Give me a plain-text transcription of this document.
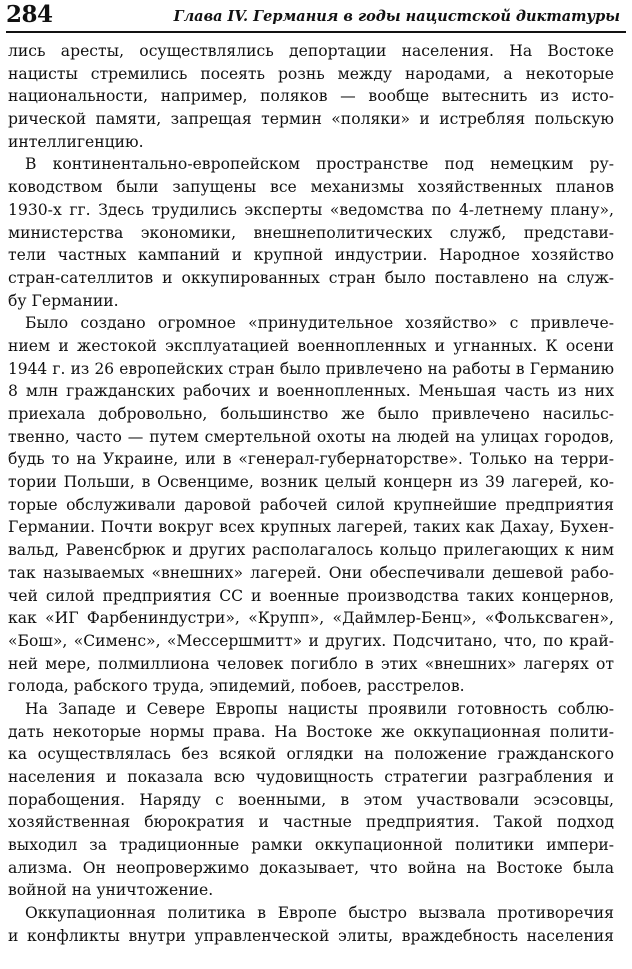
284	Глава IV. Германия в годы нацистской диктатуры
лись аресты, осуществлялись депортации населения. На Востоке
нацисты стремились посеять рознь между народами, а некоторые
национальности, например, поляков — вообще вытеснить из исто-
рической памяти, запрещая термин «поляки» и истребляя польскую
интеллигенцию.
В континентально-европейском пространстве под немецким ру-
ководством были запущены все механизмы хозяйственных планов
1930-х гг. Здесь трудились эксперты «ведомства по 4-летнему плану»,
министерства экономики, внешнеполитических служб, представи-
тели частных кампаний и крупной индустрии. Народное хозяйство
стран-сателлитов и оккупированных стран было поставлено на служ-
бу Германии.
Было создано огромное «принудительное хозяйство» с привлече-
нием и жестокой эксплуатацией военнопленных и угнанных. К осени
1944 г. из 26 европейских стран было привлечено на работы в Германию
8 млн гражданских рабочих и военнопленных. Меньшая часть из них
приехала добровольно, большинство же было привлечено насильс-
твенно, часто — путем смертельной охоты на людей на улицах городов,
будь то на Украине, или в «генерал-губернаторстве». Только на терри-
тории Польши, в Освенциме, возник целый концерн из 39 лагерей, ко-
торые обслуживали даровой рабочей силой крупнейшие предприятия
Германии. Почти вокруг всех крупных лагерей, таких как Дахау, Бухен-
вальд, Равенсбрюк и других располагалось кольцо прилегающих к ним
так называемых «внешних» лагерей. Они обеспечивали дешевой рабо-
чей силой предприятия СС и военные производства таких концернов,
как «ИГ Фарбениндустри», «Крупп», «Даймлер-Бенц», «Фольксваген»,
«Бош», «Сименс», «Мессершмитт» и других. Подсчитано, что, по край-
ней мере, полмиллиона человек погибло в этих «внешних» лагерях от
голода, рабского труда, эпидемий, побоев, расстрелов.
На Западе и Севере Европы нацисты проявили готовность соблю-
дать некоторые нормы права. На Востоке же оккупационная полити-
ка осуществлялась без всякой оглядки на положение гражданского
населения и показала всю чудовищность стратегии разграбления и
порабощения. Наряду с военными, в этом участвовали эсэсовцы,
хозяйственная бюрократия и частные предприятия. Такой подход
выходил за традиционные рамки оккупационной политики импери-
ализма. Он неопровержимо доказывает, что война на Востоке была
войной на уничтожение.
Оккупационная политика в Европе быстро вызвала противоречия
и конфликты внутри управленческой элиты, враждебность населения
